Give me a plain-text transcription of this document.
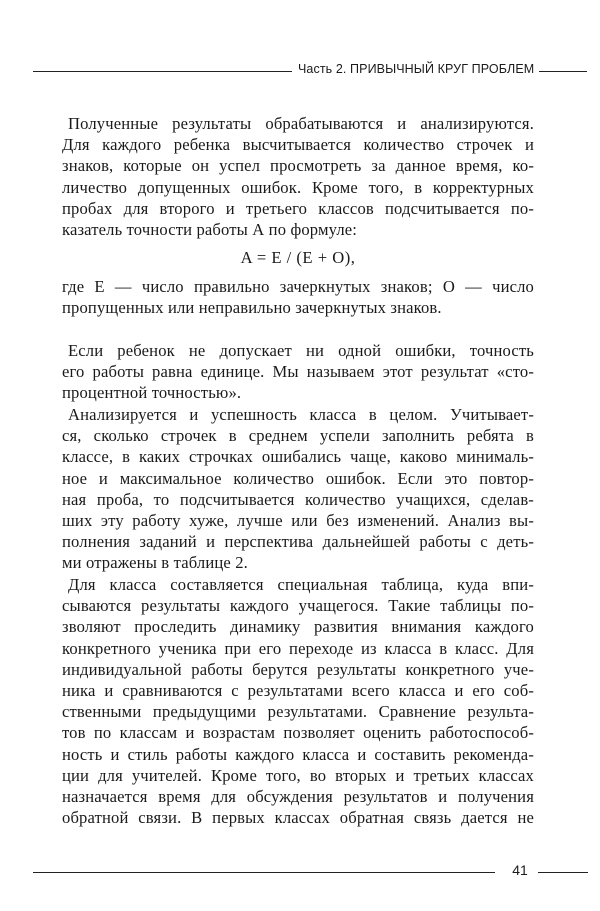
Часть 2. ПРИВЫЧНЫЙ КРУГ ПРОБЛЕМ

Полученные результаты обрабатываются и анализируются.

Для каждого ребенка высчитывается количество строчек и

знаков, которые он успел просмотреть за данное время, ко-

личество допущенных ошибок. Кроме того, в корректурных

пробах для второго и третьего классов подсчитывается по-

казатель точности работы А по формуле:

A = E / (E + O),

где E — число правильно зачеркнутых знаков; O — число

пропущенных или неправильно зачеркнутых знаков.

Если ребенок не допускает ни одной ошибки, точность

его работы равна единице. Мы называем этот результат «сто-

процентной точностью».

Анализируется и успешность класса в целом. Учитывает-

ся, сколько строчек в среднем успели заполнить ребята в

классе, в каких строчках ошибались чаще, каково минималь-

ное и максимальное количество ошибок. Если это повтор-

ная проба, то подсчитывается количество учащихся, сделав-

ших эту работу хуже, лучше или без изменений. Анализ вы-

полнения заданий и перспектива дальнейшей работы с деть-

ми отражены в таблице 2.

Для класса составляется специальная таблица, куда впи-

сываются результаты каждого учащегося. Такие таблицы по-

зволяют проследить динамику развития внимания каждого

конкретного ученика при его переходе из класса в класс. Для

индивидуальной работы берутся результаты конкретного уче-

ника и сравниваются с результатами всего класса и его соб-

ственными предыдущими результатами. Сравнение результа-

тов по классам и возрастам позволяет оценить работоспособ-

ность и стиль работы каждого класса и составить рекоменда-

ции для учителей. Кроме того, во вторых и третьих классах

назначается время для обсуждения результатов и получения

обратной связи. В первых классах обратная связь дается не

41
